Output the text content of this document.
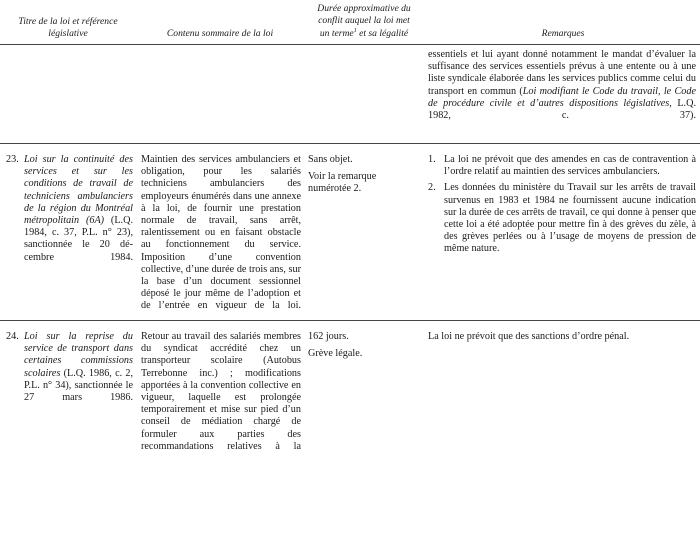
Titre de la loi et référence
législative	Contenu sommaire de la loi
Durée approximative du
conflit auquel la loi met
un terme$^1$ et sa légalité	Remarques
essentiels et lui ayant donné notamment le mandat d’évaluer la suffisance des services essentiels prévus à une entente ou à une liste syndicale élaborée dans les services publics comme celui du transport en commun (Loi modifiant le Code du travail, le Code de procédure civile et d’autres dispositions législatives, L.Q. 1982, c. 37).
23. Loi sur la continuité des services et sur les conditions de travail de techniciens ambulanciers de la région du Montréal métropolitain (6A) (L.Q. 1984, c. 37, P.L. n° 23), sanctionnée le 20 décembre 1984.
Maintien des services ambulanciers et obligation, pour les salariés techniciens ambulanciers des employeurs énumérés dans une annexe à la loi, de fournir une prestation normale de travail, sans arrêt, ralentissement ou en faisant obstacle au fonctionnement du service. Imposition d’une convention collective, d’une durée de trois ans, sur la base d’un document sessionnel déposé le jour même de l’adoption et de l’entrée en vigueur de la loi.

Sans objet.

Voir la remarque numérotée 2.

1. La loi ne prévoit que des amendes en cas de contravention à l’ordre relatif au maintien des services ambulanciers.
2. Les données du ministère du Travail sur les arrêts de travail survenus en 1983 et 1984 ne fournissent aucune indication sur la durée de ces arrêts de travail, ce qui donne à penser que cette loi a été adoptée pour mettre fin à des grèves du zèle, à des grèves perlées ou à l’usage de moyens de pression de même nature.
24. Loi sur la reprise du service de transport dans certaines commissions scolaires (L.Q. 1986, c. 2, P.L. n° 34), sanctionnée le 27 mars 1986.
Retour au travail des salariés membres du syndicat accrédité chez un transporteur scolaire (Autobus Terrebonne inc.) ; modifications apportées à la convention collective en vigueur, laquelle est prolongée temporairement et mise sur pied d’un conseil de médiation chargé de formuler aux parties des recommandations relatives à la

162 jours.

Grève légale.

La loi ne prévoit que des sanctions d’ordre pénal.
